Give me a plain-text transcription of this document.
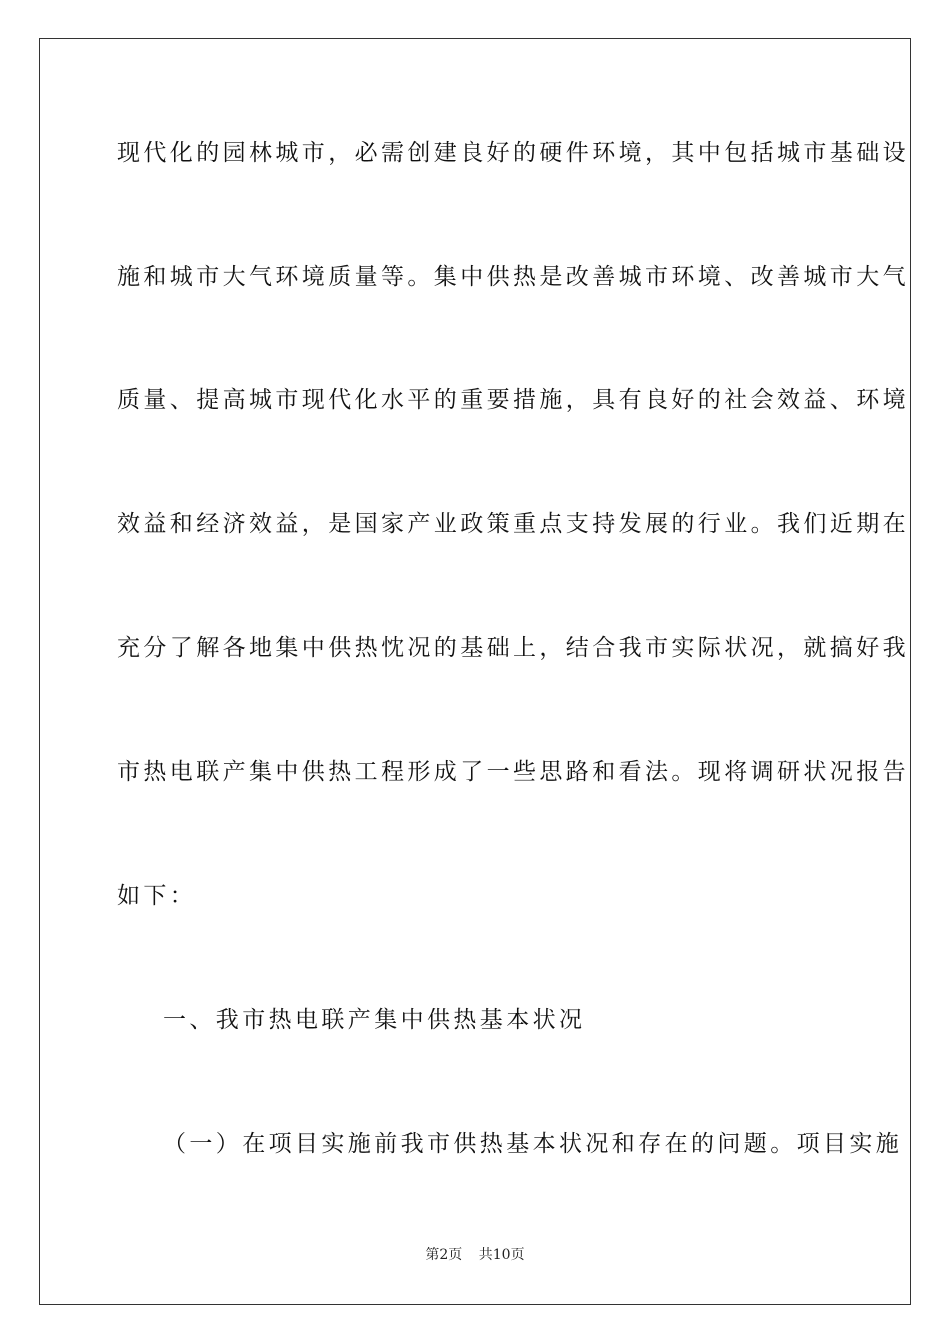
现代化的园林城市，必需创建良好的硬件环境，其中包括城市基础设
施和城市大气环境质量等。集中供热是改善城市环境、改善城市大气
质量、提高城市现代化水平的重要措施，具有良好的社会效益、环境
效益和经济效益，是国家产业政策重点支持发展的行业。我们近期在
充分了解各地集中供热忱况的基础上，结合我市实际状况，就搞好我
市热电联产集中供热工程形成了一些思路和看法。现将调研状况报告
如下：
一、我市热电联产集中供热基本状况
（一）在项目实施前我市供热基本状况和存在的问题。项目实施
第2页 共10页
